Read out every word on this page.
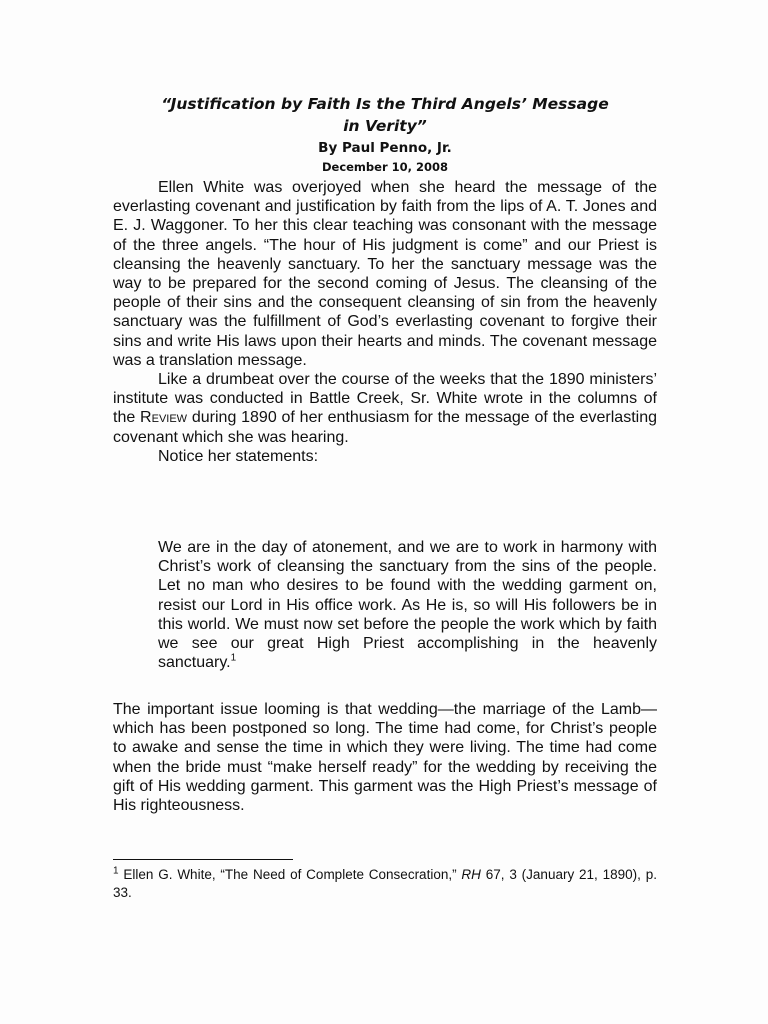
“Justification by Faith Is the Third Angels’ Message
in Verity”
By Paul Penno, Jr.
December 10, 2008

Ellen White was overjoyed when she heard the message of the everlasting covenant and justification by faith from the lips of A. T. Jones and E. J. Waggoner. To her this clear teaching was consonant with the message of the three angels. “The hour of His judgment is come” and our Priest is cleansing the heavenly sanctuary. To her the sanctuary message was the way to be prepared for the second coming of Jesus. The cleansing of the people of their sins and the consequent cleansing of sin from the heavenly sanctuary was the fulfillment of God’s everlasting covenant to forgive their sins and write His laws upon their hearts and minds. The covenant message was a translation message.

Like a drumbeat over the course of the weeks that the 1890 ministers’ institute was conducted in Battle Creek, Sr. White wrote in the columns of the Review during 1890 of her enthusiasm for the message of the everlasting covenant which she was hearing.

Notice her statements:

We are in the day of atonement, and we are to work in harmony with Christ’s work of cleansing the sanctuary from the sins of the people. Let no man who desires to be found with the wedding garment on, resist our Lord in His office work. As He is, so will His followers be in this world. We must now set before the people the work which by faith we see our great High Priest accomplishing in the heavenly sanctuary.$^1$
The important issue looming is that wedding—the marriage of the Lamb—which has been postponed so long. The time had come, for Christ’s people to awake and sense the time in which they were living. The time had come when the bride must “make herself ready” for the wedding by receiving the gift of His wedding garment. This garment was the High Priest’s message of His righteousness.
$^1$ Ellen G. White, “The Need of Complete Consecration,” RH 67, 3 (January 21, 1890), p. 33.
